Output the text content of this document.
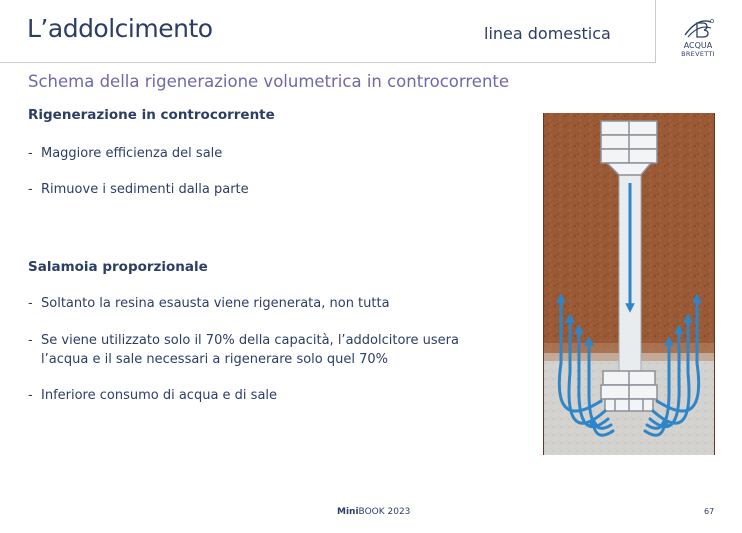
L’addolcimento	linea domestica
ACQUA
BREVETTI
Schema della rigenerazione volumetrica in controcorrente
Rigenerazione in controcorrente
- Maggiore efficienza del sale
- Rimuove i sedimenti dalla parte
Salamoia proporzionale
- Soltanto la resina esausta viene rigenerata, non tutta
- Se viene utilizzato solo il 70% della capacità, l’addolcitore usera l’acqua e il sale necessari a rigenerare solo quel 70%
- Inferiore consumo di acqua e di sale
MiniBOOK 2023	67
